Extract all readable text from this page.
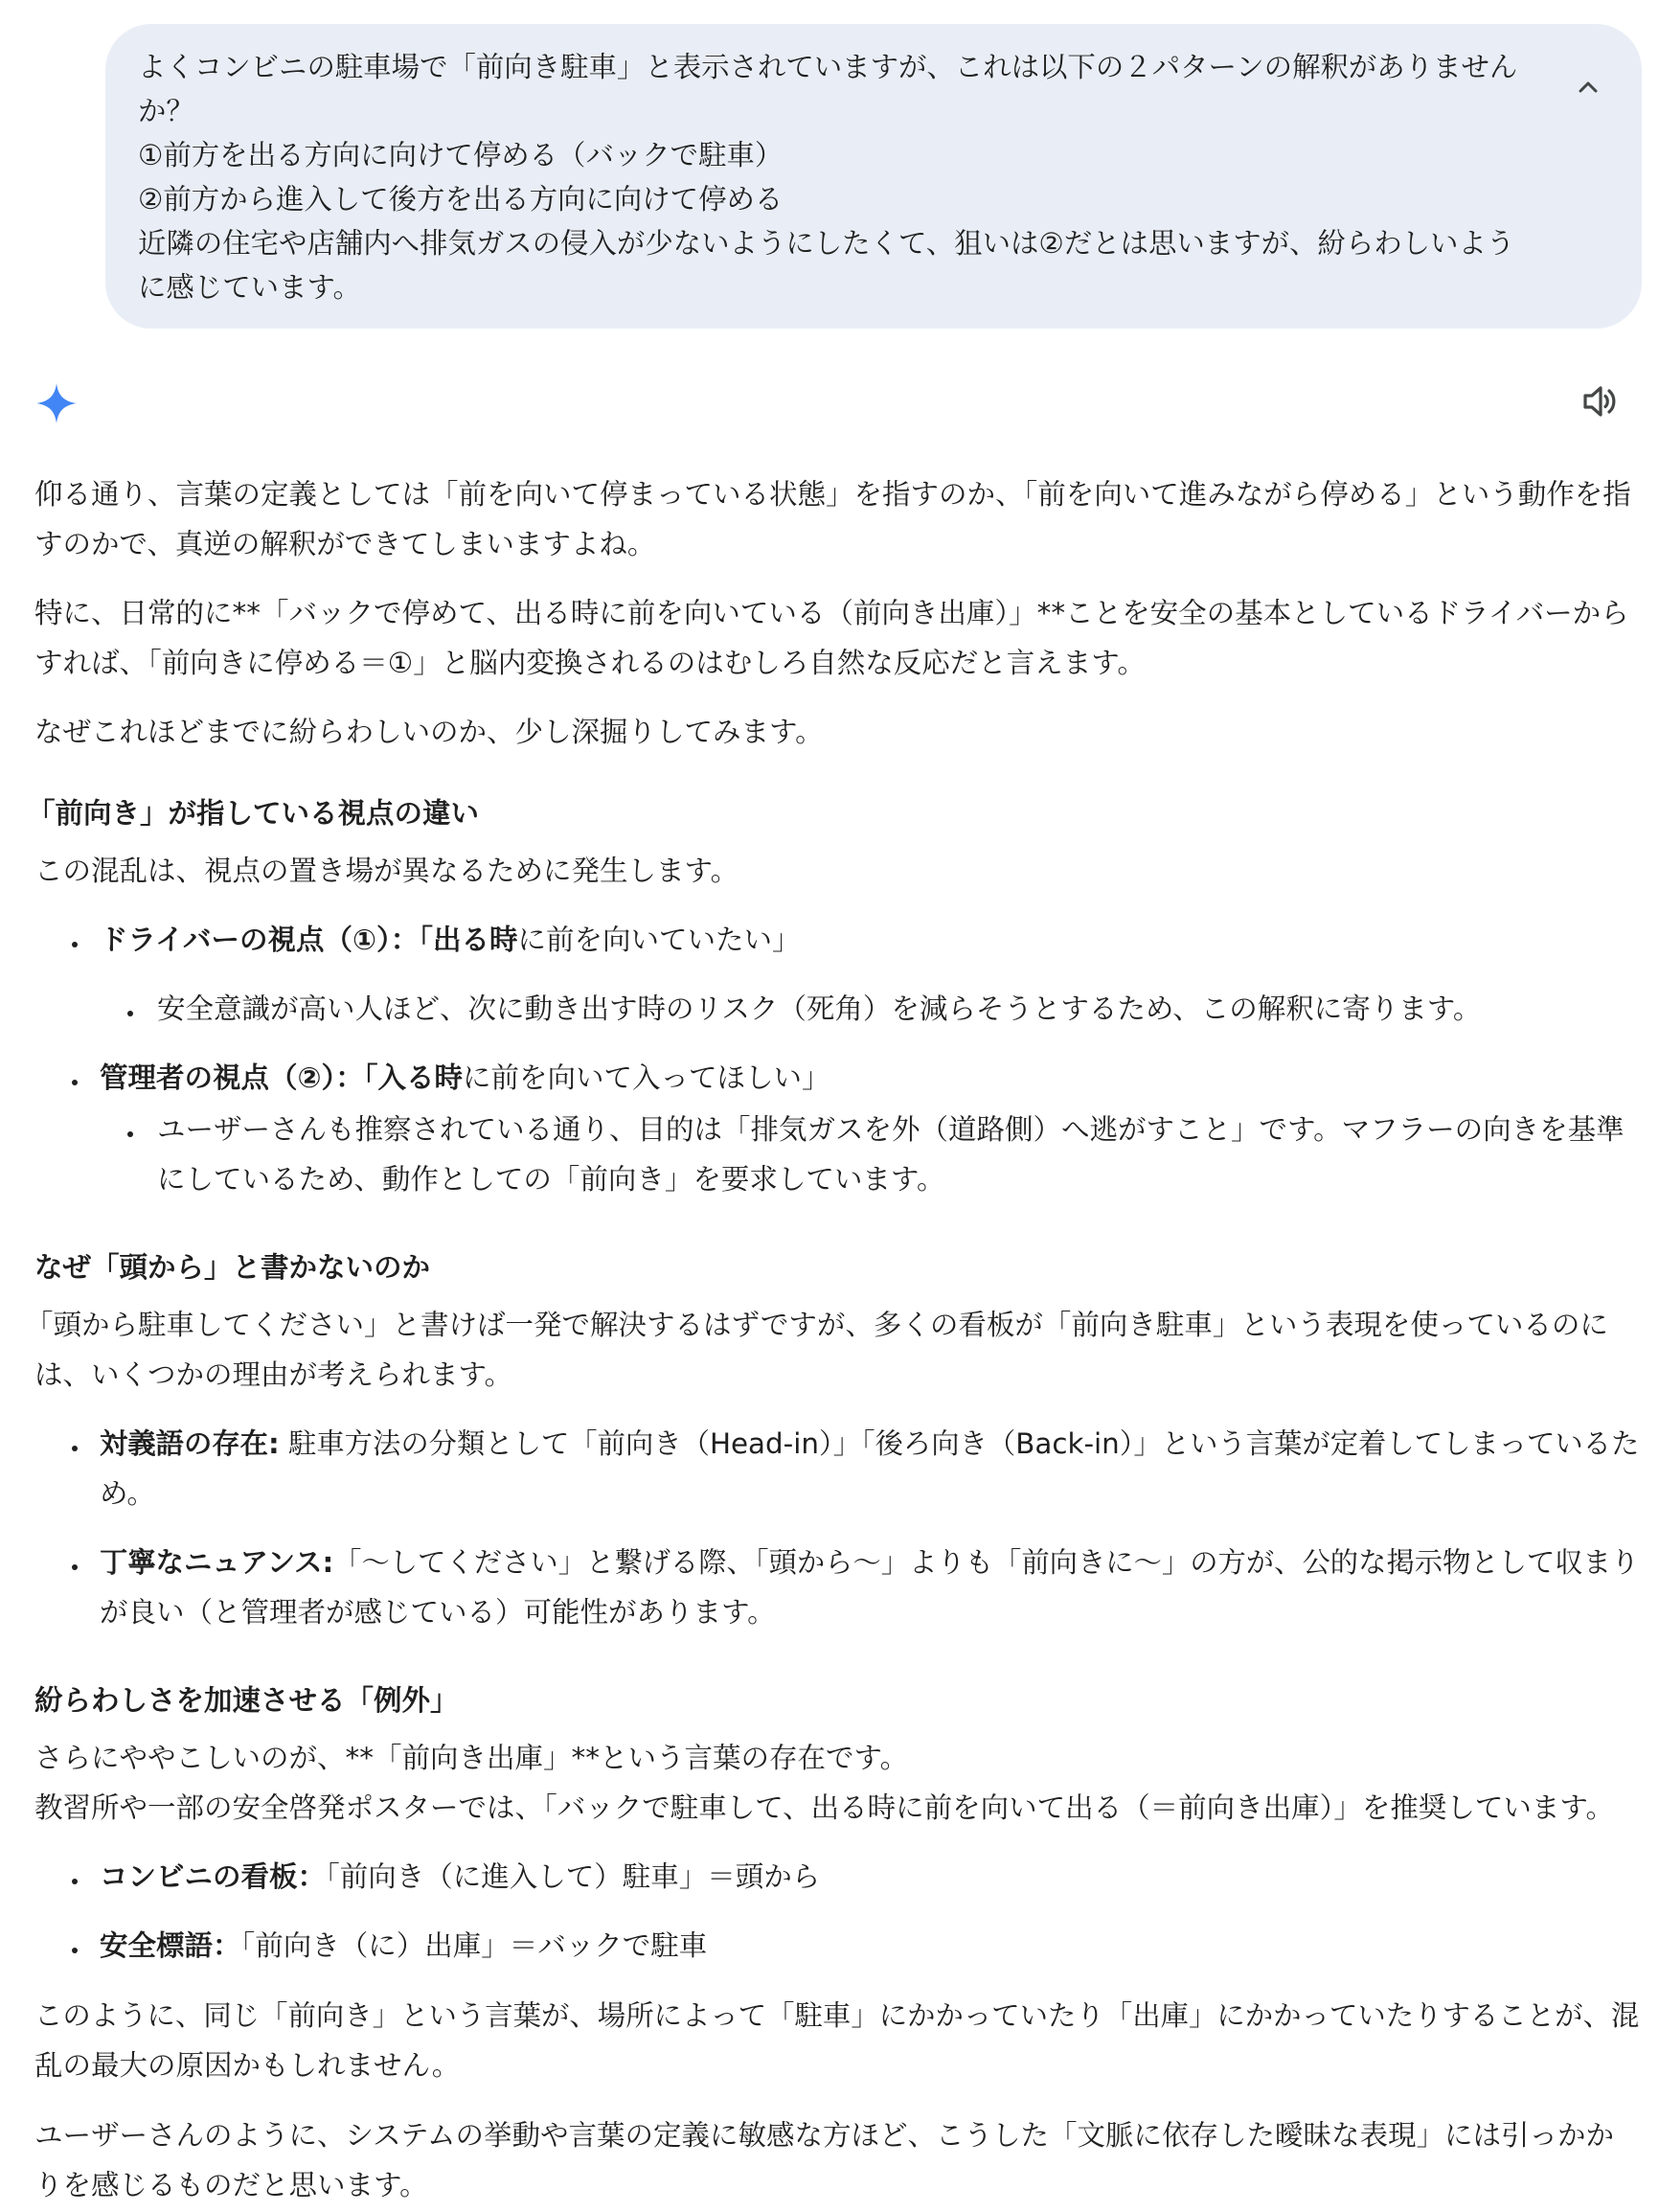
よくコンビニの駐車場で「前向き駐車」と表示されていますが、これは以下の２パターンの解釈がありません
か？
①前方を出る方向に向けて停める（バックで駐車）
②前方から進入して後方を出る方向に向けて停める
近隣の住宅や店舗内へ排気ガスの侵入が少ないようにしたくて、狙いは②だとは思いますが、紛らわしいよう
に感じています。
仰る通り、言葉の定義としては「前を向いて停まっている状態」を指すのか、「前を向いて進みながら停める」という動作を指
すのかで、真逆の解釈ができてしまいますよね。
特に、日常的に**「バックで停めて、出る時に前を向いている（前向き出庫）」**ことを安全の基本としているドライバーから
すれば、「前向きに停める＝①」と脳内変換されるのはむしろ自然な反応だと言えます。
なぜこれほどまでに紛らわしいのか、少し深掘りしてみます。
「前向き」が指している視点の違い
この混乱は、視点の置き場が異なるために発生します。
ドライバーの視点（①）：「出る時に前を向いていたい」
安全意識が高い人ほど、次に動き出す時のリスク（死角）を減らそうとするため、この解釈に寄ります。
管理者の視点（②）：「入る時に前を向いて入ってほしい」
ユーザーさんも推察されている通り、目的は「排気ガスを外（道路側）へ逃がすこと」です。マフラーの向きを基準
にしているため、動作としての「前向き」を要求しています。
なぜ「頭から」と書かないのか
「頭から駐車してください」と書けば一発で解決するはずですが、多くの看板が「前向き駐車」という表現を使っているのに
は、いくつかの理由が考えられます。
対義語の存在: 駐車方法の分類として「前向き（Head-in）」「後ろ向き（Back-in）」という言葉が定着してしまっているた
め。
丁寧なニュアンス:「〜してください」と繋げる際、「頭から〜」よりも「前向きに〜」の方が、公的な掲示物として収まり
が良い（と管理者が感じている）可能性があります。
紛らわしさを加速させる「例外」
さらにややこしいのが、**「前向き出庫」**という言葉の存在です。
教習所や一部の安全啓発ポスターでは、「バックで駐車して、出る時に前を向いて出る（＝前向き出庫）」を推奨しています。
コンビニの看板：「前向き（に進入して）駐車」＝頭から
安全標語：「前向き（に）出庫」＝バックで駐車
このように、同じ「前向き」という言葉が、場所によって「駐車」にかかっていたり「出庫」にかかっていたりすることが、混
乱の最大の原因かもしれません。
ユーザーさんのように、システムの挙動や言葉の定義に敏感な方ほど、こうした「文脈に依存した曖昧な表現」には引っかか
りを感じるものだと思います。
